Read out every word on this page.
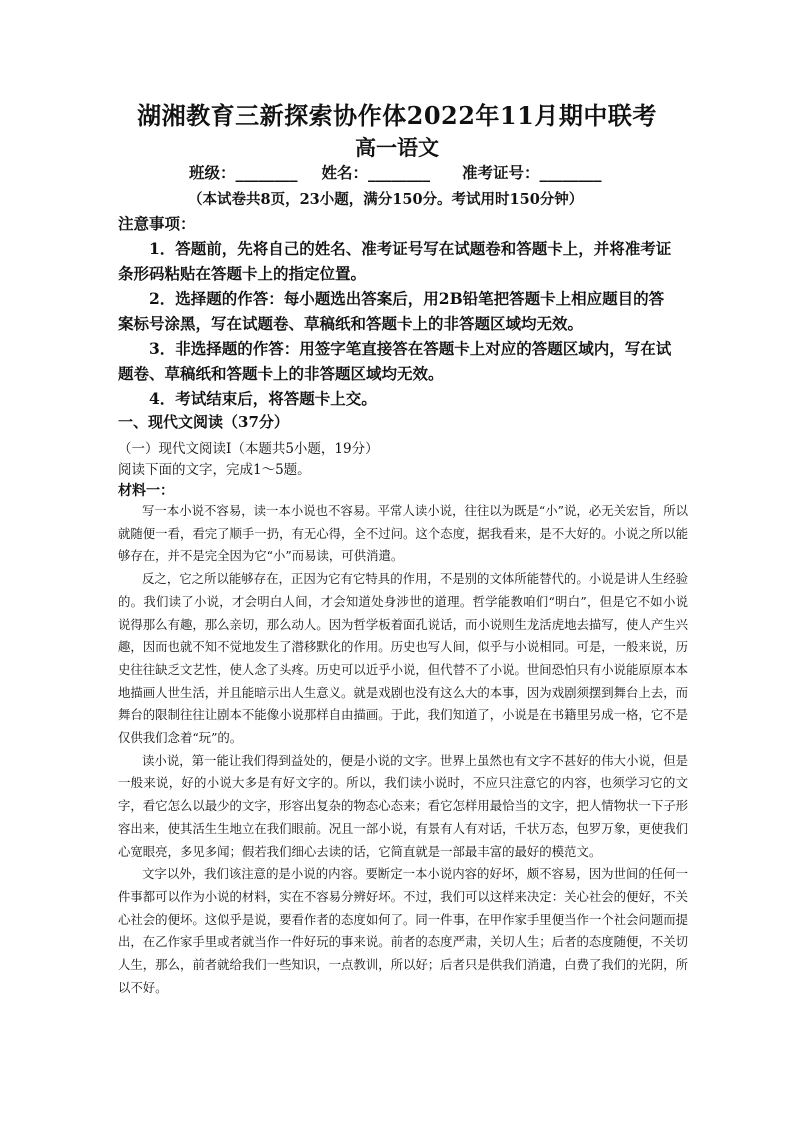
湖湘教育三新探索协作体2022年11月期中联考
高一语文
班级：________ 姓名：________ 准考证号：________
（本试卷共8页，23小题，满分150分。考试用时150分钟）
注意事项：

1．答题前，先将自己的姓名、准考证号写在试题卷和答题卡上，并将准考证条形码粘贴在答题卡上的指定位置。

2．选择题的作答：每小题选出答案后，用2B铅笔把答题卡上相应题目的答案标号涂黑，写在试题卷、草稿纸和答题卡上的非答题区域均无效。

3．非选择题的作答：用签字笔直接答在答题卡上对应的答题区域内，写在试题卷、草稿纸和答题卡上的非答题区域均无效。

4．考试结束后，将答题卡上交。

一、现代文阅读（37分）
（一）现代文阅读Ⅰ（本题共5小题，19分）
阅读下面的文字，完成1～5题。
材料一：

写一本小说不容易，读一本小说也不容易。平常人读小说，往往以为既是“小”说，必无关宏旨，所以就随便一看，看完了顺手一扔，有无心得，全不过问。这个态度，据我看来，是不大好的。小说之所以能够存在，并不是完全因为它“小”而易读，可供消遣。

反之，它之所以能够存在，正因为它有它特具的作用，不是别的文体所能替代的。小说是讲人生经验的。我们读了小说，才会明白人间，才会知道处身涉世的道理。哲学能教咱们“明白”，但是它不如小说说得那么有趣，那么亲切，那么动人。因为哲学板着面孔说话，而小说则生龙活虎地去描写，使人产生兴趣，因而也就不知不觉地发生了潜移默化的作用。历史也写人间，似乎与小说相同。可是，一般来说，历史往往缺乏文艺性，使人念了头疼。历史可以近乎小说，但代替不了小说。世间恐怕只有小说能原原本本地描画人世生活，并且能暗示出人生意义。就是戏剧也没有这么大的本事，因为戏剧须摆到舞台上去，而舞台的限制往往让剧本不能像小说那样自由描画。于此，我们知道了，小说是在书籍里另成一格，它不是仅供我们念着“玩”的。

读小说，第一能让我们得到益处的，便是小说的文字。世界上虽然也有文字不甚好的伟大小说，但是一般来说，好的小说大多是有好文字的。所以，我们读小说时，不应只注意它的内容，也须学习它的文字，看它怎么以最少的文字，形容出复杂的物态心态来；看它怎样用最恰当的文字，把人情物状一下子形容出来，使其活生生地立在我们眼前。况且一部小说，有景有人有对话，千状万态，包罗万象，更使我们心宽眼亮，多见多闻；假若我们细心去读的话，它简直就是一部最丰富的最好的模范文。

文字以外，我们该注意的是小说的内容。要断定一本小说内容的好坏，颇不容易，因为世间的任何一件事都可以作为小说的材料，实在不容易分辨好坏。不过，我们可以这样来决定：关心社会的便好，不关心社会的便坏。这似乎是说，要看作者的态度如何了。同一件事，在甲作家手里便当作一个社会问题而提出，在乙作家手里或者就当作一件好玩的事来说。前者的态度严肃，关切人生；后者的态度随便，不关切人生，那么，前者就给我们一些知识，一点教训，所以好；后者只是供我们消遣，白费了我们的光阴，所以不好。
